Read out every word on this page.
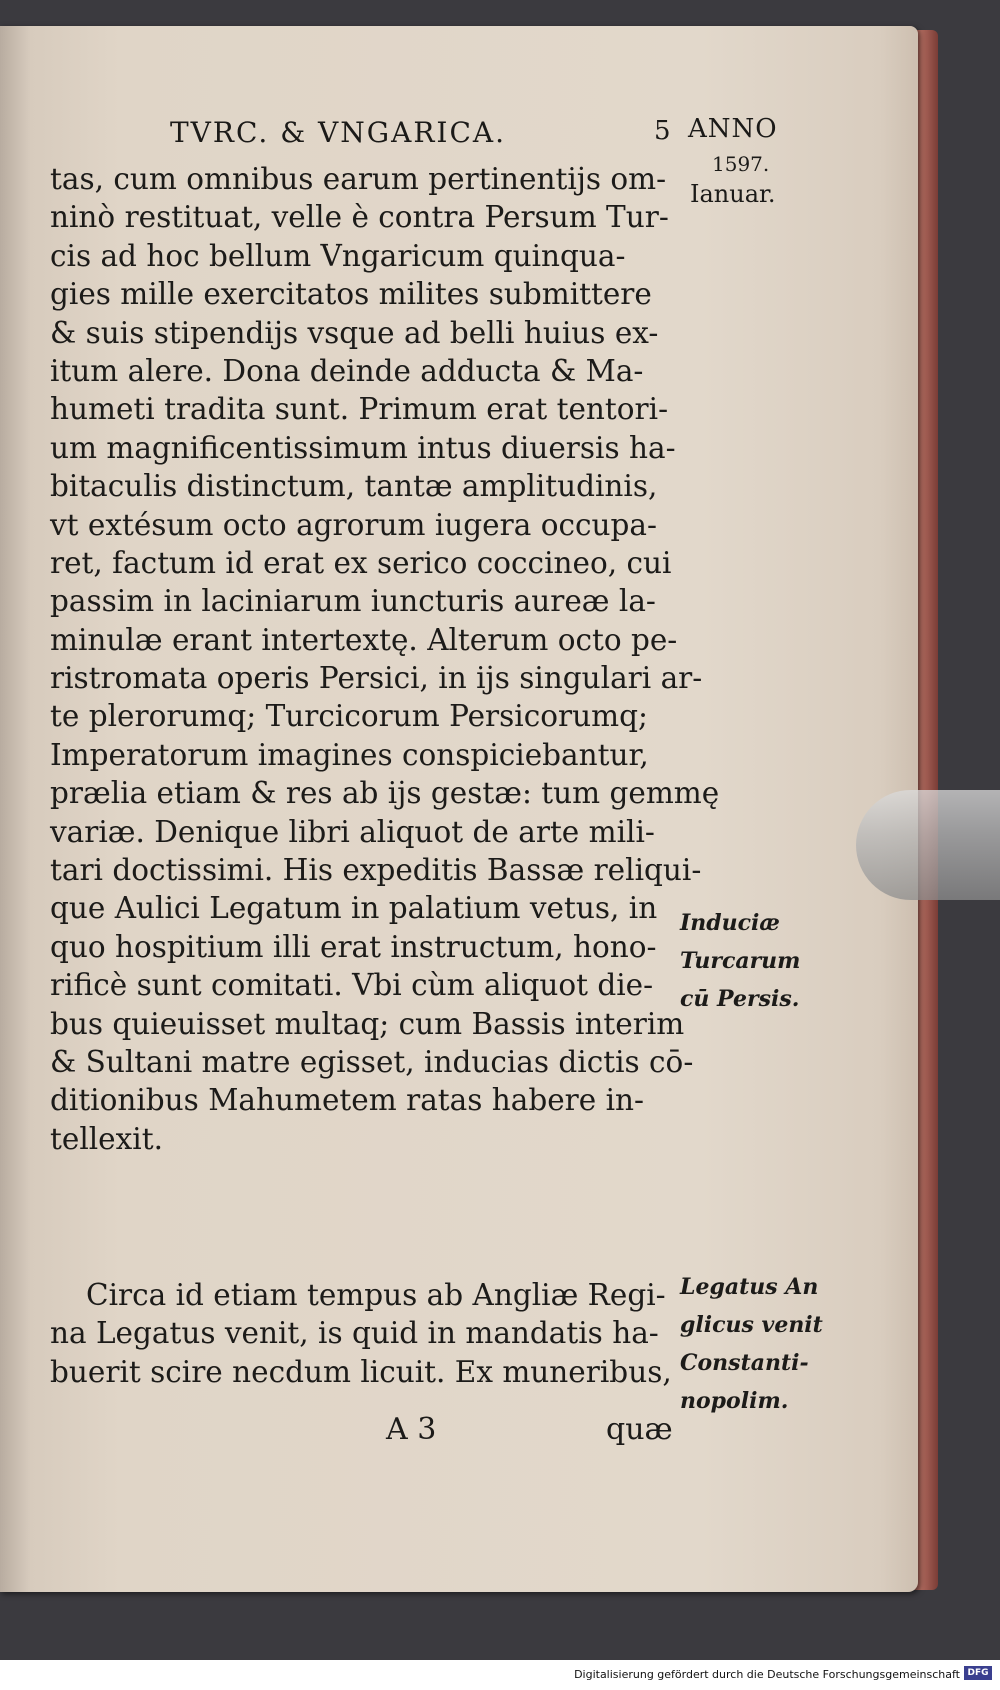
TVRC. & VNGARICA.	5 ANNO
1597.
Ianuar.
tas, cum omnibus earum pertinentijs om-
ninò restituat, velle è contra Persum Tur-
cis ad hoc bellum Vngaricum quinqua-
gies mille exercitatos milites submittere
& suis stipendijs vsque ad belli huius ex-
itum alere. Dona deinde adducta & Ma-
humeti tradita sunt. Primum erat tentori-
um magnificentissimum intus diuersis ha-
bitaculis distinctum, tantæ amplitudinis,
vt extésum octo agrorum iugera occupa-
ret, factum id erat ex serico coccineo, cui
passim in laciniarum iuncturis aureæ la-
minulæ erant intertextę. Alterum octo pe-
ristromata operis Persici, in ijs singulari ar-
te plerorumq; Turcicorum Persicorumq;
Imperatorum imagines conspiciebantur,
prælia etiam & res ab ijs gestæ: tum gemmę
variæ. Denique libri aliquot de arte mili-
tari doctissimi. His expeditis Bassæ reliqui-
que Aulici Legatum in palatium vetus, in
quo hospitium illi erat instructum, hono-
rificè sunt comitati. Vbi cùm aliquot die-
bus quieuisset multaq; cum Bassis interim
& Sultani matre egisset, inducias dictis cō-
ditionibus Mahumetem ratas habere in-
tellexit.
Circa id etiam tempus ab Angliæ Regi-
na Legatus venit, is quid in mandatis ha-
buerit scire necdum licuit. Ex muneribus,
A 3	quæ
Induciæ
Turcarum
cū Persis.
Legatus An
glicus venit
Constanti-
nopolim.
Digitalisierung gefördert durch die Deutsche Forschungsgemeinschaft DFG
